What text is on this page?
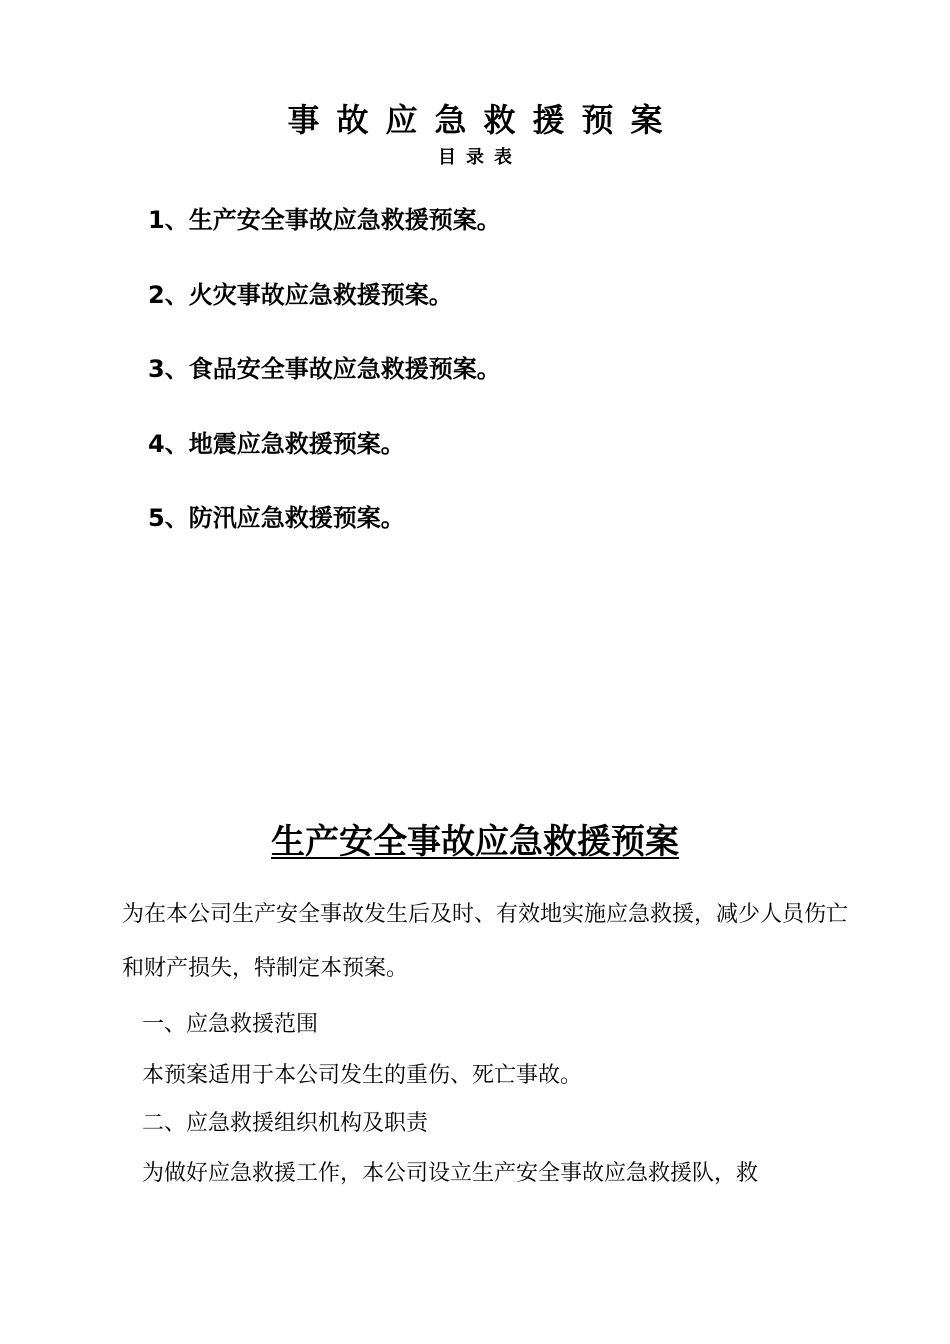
事故应急救援预案
目录表
1、生产安全事故应急救援预案。
2、火灾事故应急救援预案。
3、食品安全事故应急救援预案。
4、地震应急救援预案。
5、防汛应急救援预案。
生产安全事故应急救援预案

为在本公司生产安全事故发生后及时、有效地实施应急救援，减少人员伤亡和财产损失，特制定本预案。

一、应急救援范围
本预案适用于本公司发生的重伤、死亡事故。
二、应急救援组织机构及职责
为做好应急救援工作，本公司设立生产安全事故应急救援队，救
